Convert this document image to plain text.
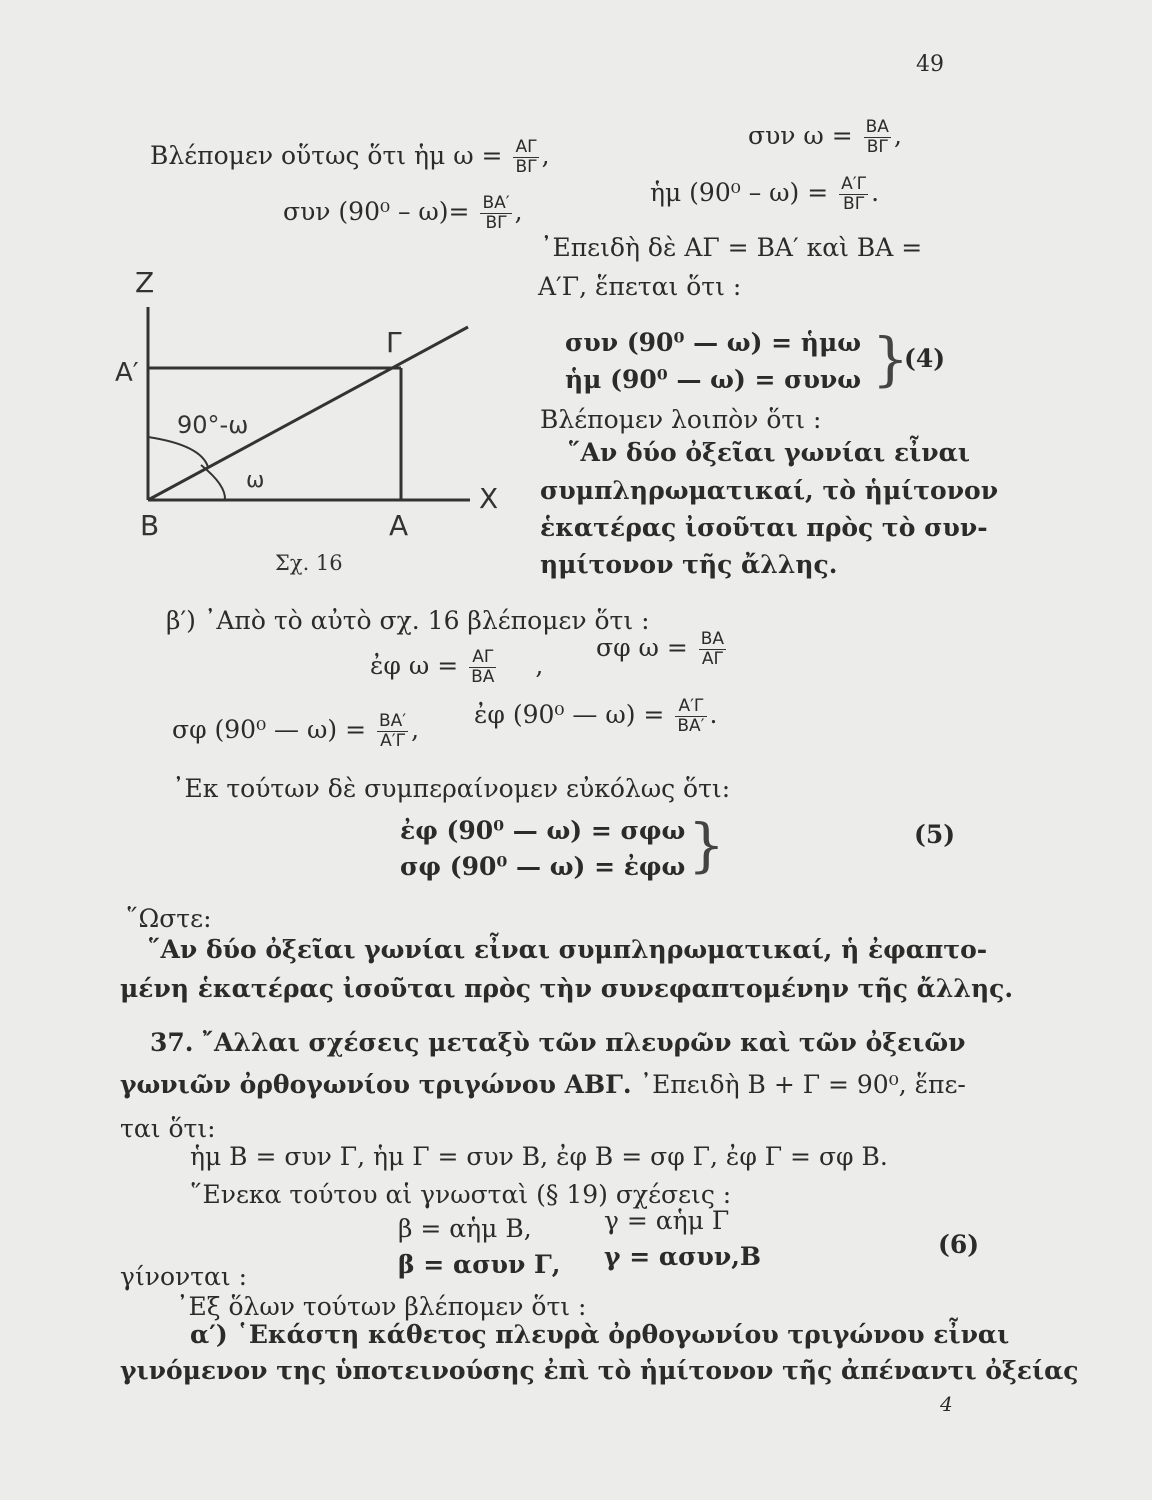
49
Βλέπομεν οὕτως ὅτι ἡμ $\omega = \frac{A\Gamma}{B\Gamma}$ ,
συν $\omega = \frac{BA}{B\Gamma}$ ,
συν $(90^0 - \omega)= \frac{BA'}{B\Gamma}$ ,
ἡμ $(90^0 - \omega) = \frac{A'\Gamma}{B\Gamma}$ .
᾽Επειδὴ δὲ ΑΓ = ΒΑ′ καὶ ΒΑ =
Α′Γ, ἕπεται ὅτι :
συν (90⁰ — ω) = ἡμω
ἡμ (90⁰ — ω) = συνω }
(4)
Βλέπομεν λοιπὸν ὅτι :
῞Αν δύο ὀξεῖαι γωνίαι εἶναι
συμπληρωματικαί, τὸ ἡμίτονον
ἑκατέρας ἰσοῦται πρὸς τὸ συν-
ημίτονον τῆς ἄλλης.
Z
Α′
Γ
90°-ω
ω
Β	Α
Χ
Σχ. 16
β′) ᾽Απὸ τὸ αὐτὸ σχ. 16 βλέπομεν ὅτι :
ἐφ $\omega = \frac{A\Gamma}{BA}$ ,
σφ $\omega = \frac{BA}{A\Gamma}$
σφ (90⁰ — $\omega) = \frac{BA'}{A'\Gamma}$ ,
ἐφ (90⁰ — $\omega) = \frac{A'\Gamma}{BA'}$ .
᾽Εκ τούτων δὲ συμπεραίνομεν εὐκόλως ὅτι:
ἐφ (90⁰ — ω) = σφω
σφ (90⁰ — ω) = ἐφω }	(5)
῞Ωστε:
῞Αν δύο ὀξεῖαι γωνίαι εἶναι συμπληρωματικαί, ἡ ἐφαπτο-
μένη ἑκατέρας ἰσοῦται πρὸς τὴν συνεφαπτομένην τῆς ἄλλης.
37. ῎Αλλαι σχέσεις μεταξὺ τῶν πλευρῶν καὶ τῶν ὀξειῶν
γωνιῶν ὀρθογωνίου τριγώνου ΑΒΓ. ᾽Επειδὴ Β + Γ = 90⁰, ἕπε-
ται ὅτι:
ἡμ Β = συν Γ, ἡμ Γ = συν Β, ἐφ Β = σφ Γ, ἐφ Γ = σφ Β.
῞Ενεκα τούτου αἱ γνωσταὶ (§ 19) σχέσεις :
β = αἡμ Β,	γ = αἡμ Γ
γίνονται :	β = ασυν Γ, γ = ασυν,Β	(6)
᾽Εξ ὅλων τούτων βλέπομεν ὅτι :
α′) ῾Εκάστη κάθετος πλευρὰ ὀρθογωνίου τριγώνου εἶναι
γινόμενον της ὑποτεινούσης ἐπὶ τὸ ἡμίτονον τῆς ἀπέναντι ὀξείας
4
